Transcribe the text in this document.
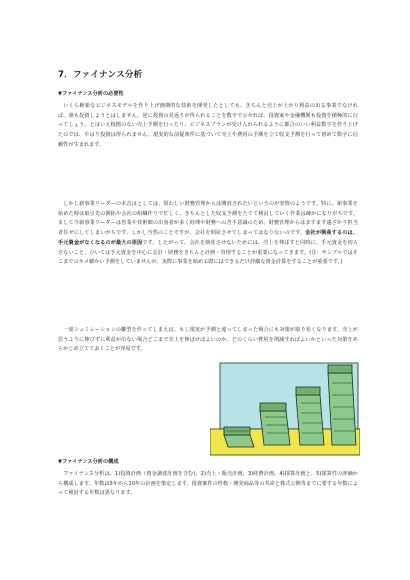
7．ファイナンス分析
▼ファイナンス分析の必要性

　いくら斬新なビジネスモデルを作り上げ画期的な技術を開発したとしても、きちんと売上が上がり利益の出る事業でなければ、誰も投資しようとはしません。逆に投資の見返りが得られることを数字で示せれば、投資家や金融機関も投資を積極的に行ってしょう。とはいえ根拠のない売上予測を行ったり、ビジネスプランが受け入れられるように都合のいい利益数字を作り上げたのでは、やはり投資は得られません。現実的な前提条件に基づいて売上や費用の予測を立て収支予測を行って初めて数字に信頼性が生まれます。

　しかし新事業リーダーの本音はとしては、煩わしい財務管理からは開放されたいというのが実情のようです。特に、新事業を始めた時は取引先の開拓や会社の組織作りで忙しく、きちんとした収支予測をたてて検討していく作業は疎かになりがちです。まして今新事業リーダーは営業や技術畑の出身者が多く経理や財務への苦手意識のため、財務管理からはますます遠ざかり担当者任せにしてしまいがちです。しかし当然のことですが、会社を倒産させてしまってはなりないのです。会社が倒産するのは、手元資金がなくなるのが最大の原因です。したがって、会社を倒産させないためには、売上を伸ばすと同時に、手元資金を切らさないこと、ひいては手元資金を中心に会計・財務をきちんと計画・管理することが重要になってきます。(注：サンプルではそこまでのキメ細かい予測をしていませんが、実際に事業を始める際にはできるだけ詳細な資金計算をすることが重要です。)

　一度シュミレーションの雛型を作ってしまえば、もし現実が予測と違ってしまった場合にも対策が取り易くなります。売上が思うように伸びずに利益が出ない場合どこまで売上を伸ばせばよいのか、どのくらい費用を削減すればよいかといった対策をあらかじめ立てておくことが容易です。

▼ファイナンス分析の構成

　ファイナンス分析は、1)投資計画（資金調達計画を含む)、2)売上・販売計画、3)経費計画、4)採算計画と、5)採算性の評価から構成します。年数は3年から10年の計画を策定します。投資案件の性格・開発商品等の寿命と株式公開等までに要する年数によって検討する年数は異なります。
